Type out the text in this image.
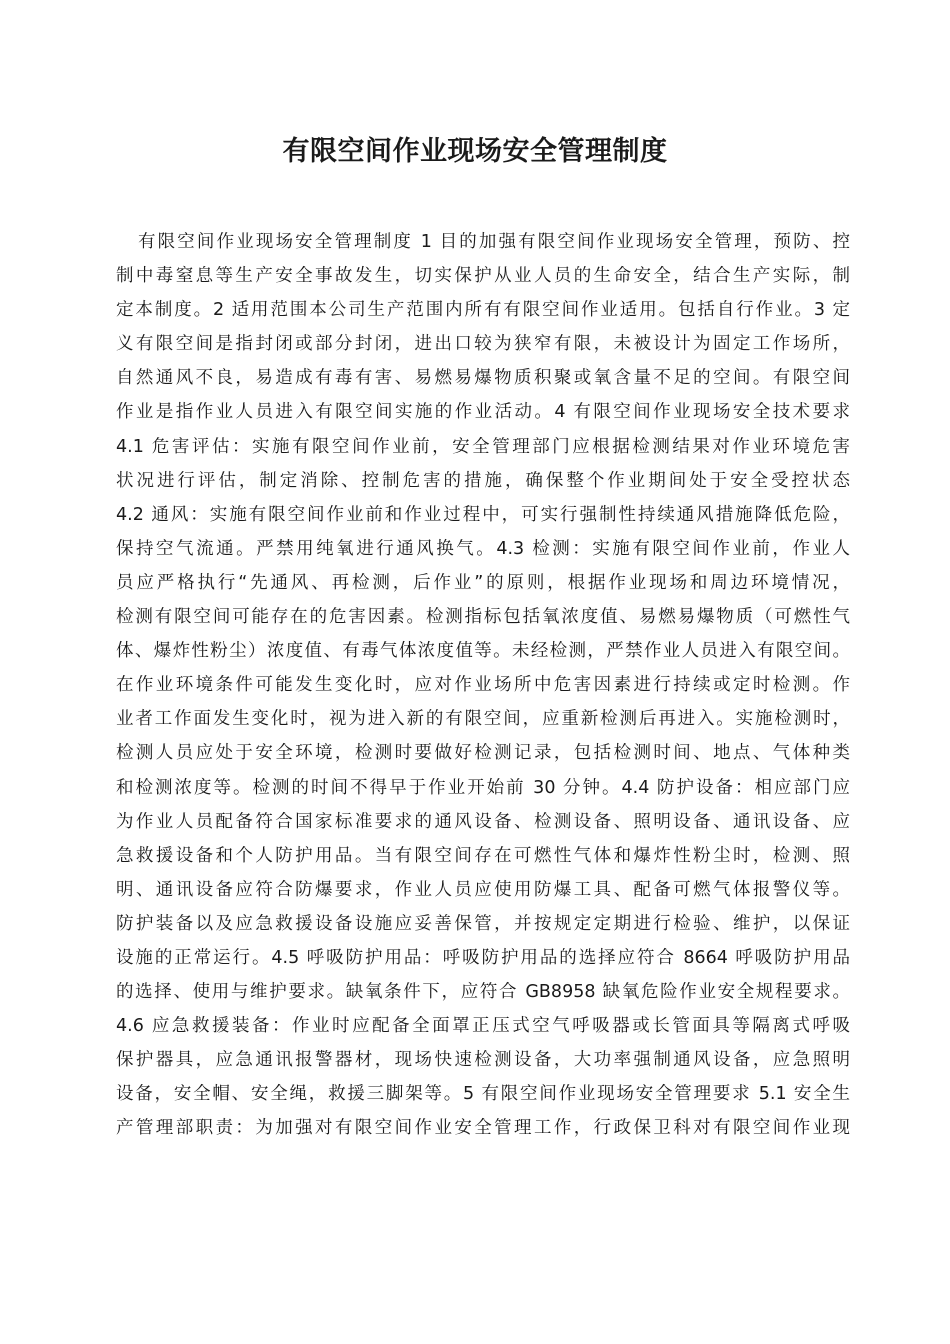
有限空间作业现场安全管理制度
有限空间作业现场安全管理制度 1 目的加强有限空间作业现场安全管理，预防、控
制中毒窒息等生产安全事故发生，切实保护从业人员的生命安全，结合生产实际，制
定本制度。2 适用范围本公司生产范围内所有有限空间作业适用。包括自行作业。3 定
义有限空间是指封闭或部分封闭，进出口较为狭窄有限，未被设计为固定工作场所，
自然通风不良，易造成有毒有害、易燃易爆物质积聚或氧含量不足的空间。有限空间
作业是指作业人员进入有限空间实施的作业活动。4 有限空间作业现场安全技术要求
4.1 危害评估：实施有限空间作业前，安全管理部门应根据检测结果对作业环境危害
状况进行评估，制定消除、控制危害的措施，确保整个作业期间处于安全受控状态
4.2 通风：实施有限空间作业前和作业过程中，可实行强制性持续通风措施降低危险，
保持空气流通。严禁用纯氧进行通风换气。4.3 检测：实施有限空间作业前，作业人
员应严格执行“先通风、再检测，后作业”的原则，根据作业现场和周边环境情况，
检测有限空间可能存在的危害因素。检测指标包括氧浓度值、易燃易爆物质（可燃性气
体、爆炸性粉尘）浓度值、有毒气体浓度值等。未经检测，严禁作业人员进入有限空间。
在作业环境条件可能发生变化时，应对作业场所中危害因素进行持续或定时检测。作
业者工作面发生变化时，视为进入新的有限空间，应重新检测后再进入。实施检测时，
检测人员应处于安全环境，检测时要做好检测记录，包括检测时间、地点、气体种类
和检测浓度等。检测的时间不得早于作业开始前 30 分钟。4.4 防护设备：相应部门应
为作业人员配备符合国家标准要求的通风设备、检测设备、照明设备、通讯设备、应
急救援设备和个人防护用品。当有限空间存在可燃性气体和爆炸性粉尘时，检测、照
明、通讯设备应符合防爆要求，作业人员应使用防爆工具、配备可燃气体报警仪等。
防护装备以及应急救援设备设施应妥善保管，并按规定定期进行检验、维护，以保证
设施的正常运行。4.5 呼吸防护用品：呼吸防护用品的选择应符合 8664 呼吸防护用品
的选择、使用与维护要求。缺氧条件下，应符合 GB8958 缺氧危险作业安全规程要求。
4.6 应急救援装备：作业时应配备全面罩正压式空气呼吸器或长管面具等隔离式呼吸
保护器具，应急通讯报警器材，现场快速检测设备，大功率强制通风设备，应急照明
设备，安全帽、安全绳，救援三脚架等。5 有限空间作业现场安全管理要求 5.1 安全生
产管理部职责：为加强对有限空间作业安全管理工作，行政保卫科对有限空间作业现
